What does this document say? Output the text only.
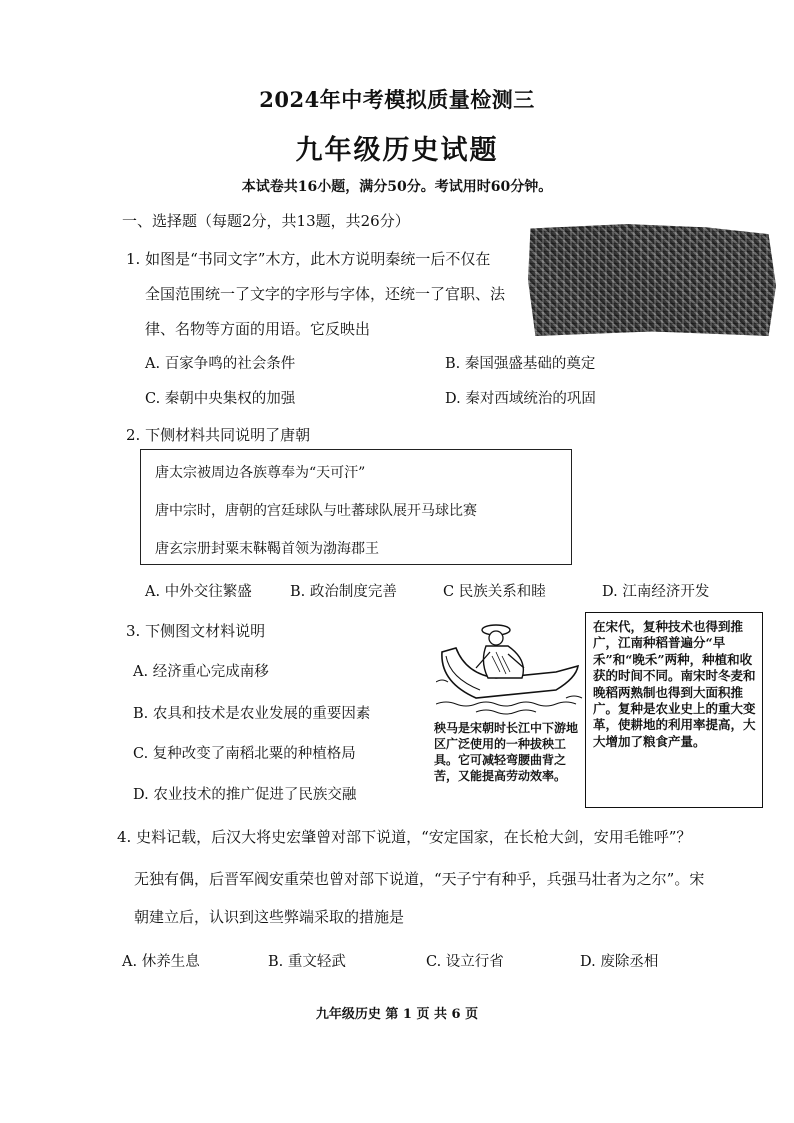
2024年中考模拟质量检测三
九年级历史试题
本试卷共16小题，满分50分。考试用时60分钟。
一、选择题（每题2分，共13题，共26分）
1. 如图是“书同文字”木方，此木方说明秦统一后不仅在
全国范围统一了文字的字形与字体，还统一了官职、法
律、名物等方面的用语。它反映出
A. 百家争鸣的社会条件	B. 秦国强盛基础的奠定
C. 秦朝中央集权的加强	D. 秦对西域统治的巩固
2. 下侧材料共同说明了唐朝
唐太宗被周边各族尊奉为“天可汗”
唐中宗时，唐朝的宫廷球队与吐蕃球队展开马球比赛
唐玄宗册封粟末靺鞨首领为渤海郡王
A. 中外交往繁盛	B. 政治制度完善	C 民族关系和睦	D. 江南经济开发
3. 下侧图文材料说明
A. 经济重心完成南移
B. 农具和技术是农业发展的重要因素
C. 复种改变了南稻北粟的种植格局
D. 农业技术的推广促进了民族交融
秧马是宋朝时长江中下游地区广泛使用的一种拔秧工具。它可减轻弯腰曲背之苦，又能提高劳动效率。
在宋代，复种技术也得到推广，江南种稻普遍分“早禾”和“晚禾”两种，种植和收获的时间不同。南宋时冬麦和晚稻两熟制也得到大面积推广。复种是农业史上的重大变革，使耕地的利用率提高，大大增加了粮食产量。
4. 史料记载，后汉大将史宏肇曾对部下说道，“安定国家，在长枪大剑，安用毛锥呼”？
无独有偶，后晋军阀安重荣也曾对部下说道，“天子宁有种乎，兵强马壮者为之尔”。宋
朝建立后，认识到这些弊端采取的措施是
A. 休养生息	B. 重文轻武	C. 设立行省	D. 废除丞相
九年级历史 第 1 页 共 6 页
